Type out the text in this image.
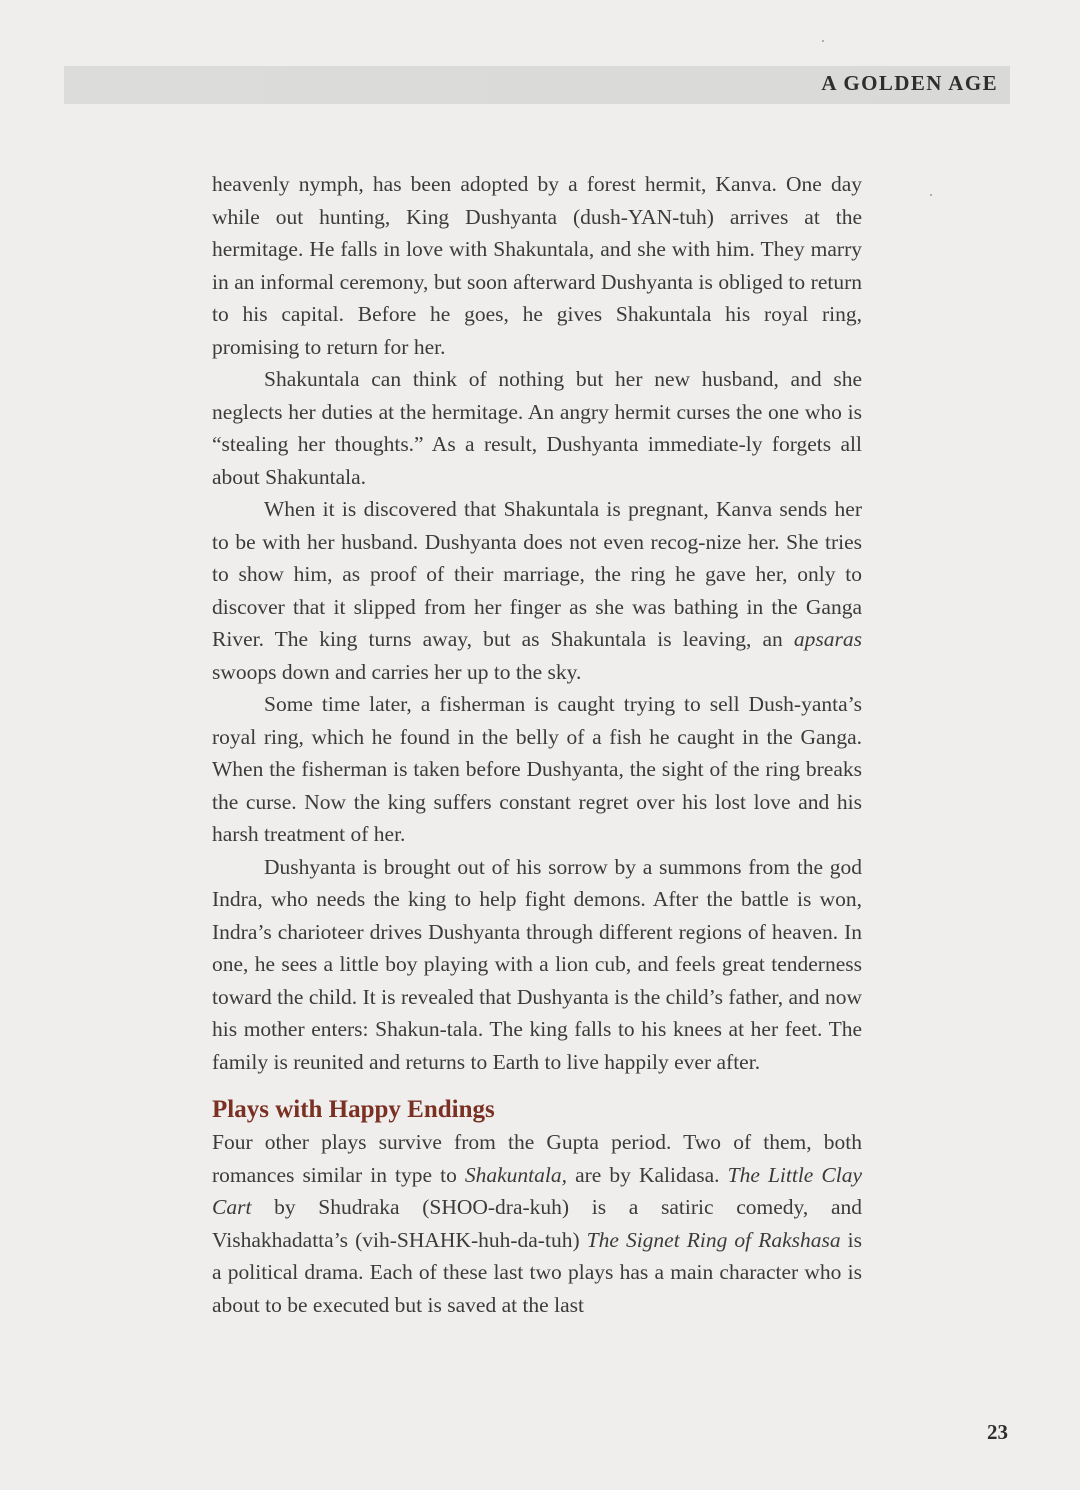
A GOLDEN AGE

heavenly nymph, has been adopted by a forest hermit, Kanva. One day while out hunting, King Dushyanta (dush-YAN-tuh) arrives at the hermitage. He falls in love with Shakuntala, and she with him. They marry in an informal ceremony, but soon afterward Dushyanta is obliged to return to his capital. Before he goes, he gives Shakuntala his royal ring, promising to return for her.

Shakuntala can think of nothing but her new husband, and she neglects her duties at the hermitage. An angry hermit curses the one who is “stealing her thoughts.” As a result, Dushyanta immediate-ly forgets all about Shakuntala.

When it is discovered that Shakuntala is pregnant, Kanva sends her to be with her husband. Dushyanta does not even recog-nize her. She tries to show him, as proof of their marriage, the ring he gave her, only to discover that it slipped from her finger as she was bathing in the Ganga River. The king turns away, but as Shakuntala is leaving, an apsaras swoops down and carries her up to the sky.

Some time later, a fisherman is caught trying to sell Dush-yanta’s royal ring, which he found in the belly of a fish he caught in the Ganga. When the fisherman is taken before Dushyanta, the sight of the ring breaks the curse. Now the king suffers constant regret over his lost love and his harsh treatment of her.

Dushyanta is brought out of his sorrow by a summons from the god Indra, who needs the king to help fight demons. After the battle is won, Indra’s charioteer drives Dushyanta through different regions of heaven. In one, he sees a little boy playing with a lion cub, and feels great tenderness toward the child. It is revealed that Dushyanta is the child’s father, and now his mother enters: Shakun-tala. The king falls to his knees at her feet. The family is reunited and returns to Earth to live happily ever after.

Plays with Happy Endings

Four other plays survive from the Gupta period. Two of them, both romances similar in type to Shakuntala, are by Kalidasa. The Little Clay Cart by Shudraka (SHOO-dra-kuh) is a satiric comedy, and Vishakhadatta’s (vih-SHAHK-huh-da-tuh) The Signet Ring of Rakshasa is a political drama. Each of these last two plays has a main character who is about to be executed but is saved at the last

23
